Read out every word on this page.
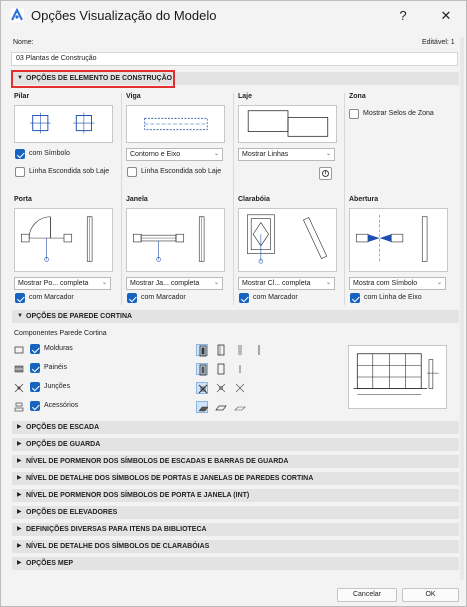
Opções Visualização do Modelo	?	✕
Nome:	Editável: 1
03 Plantas de Construção
▼ OPÇÕES DE ELEMENTO DE CONSTRUÇÃO
Pilar	Viga	Laje	Zona
com Símbolo
Linha Escondida sob Laje
Contorno e Eixo	⌄
Linha Escondida sob Laje
Mostrar Linhas	⌄
i
Mostrar Selos de Zona
Porta	Janela	Clarabóia	Abertura
Mostrar Po... completa ⌄
com Marcador
Mostrar Ja... completa ⌄
com Marcador
Mostrar Cl... completa	⌄
com Marcador
Mostra com Símbolo	⌄
com Linha de Eixo
▼ OPÇÕES DE PAREDE CORTINA
Componentes Parede Cortina
Molduras
Painéis
Junções
Acessórios
▶ OPÇÕES DE ESCADA
▶ OPÇÕES DE GUARDA
▶ NÍVEL DE PORMENOR DOS SÍMBOLOS DE ESCADAS E BARRAS DE GUARDA
▶ NÍVEL DE DETALHE DOS SÍMBOLOS DE PORTAS E JANELAS DE PAREDES CORTINA
▶ NÍVEL DE PORMENOR DOS SÍMBOLOS DE PORTA E JANELA (INT)
▶ OPÇÕES DE ELEVADORES
▶ DEFINIÇÕES DIVERSAS PARA ITENS DA BIBLIOTECA
▶ NÍVEL DE DETALHE DOS SÍMBOLOS DE CLARABÓIAS
▶ OPÇÕES MEP
Cancelar	OK
